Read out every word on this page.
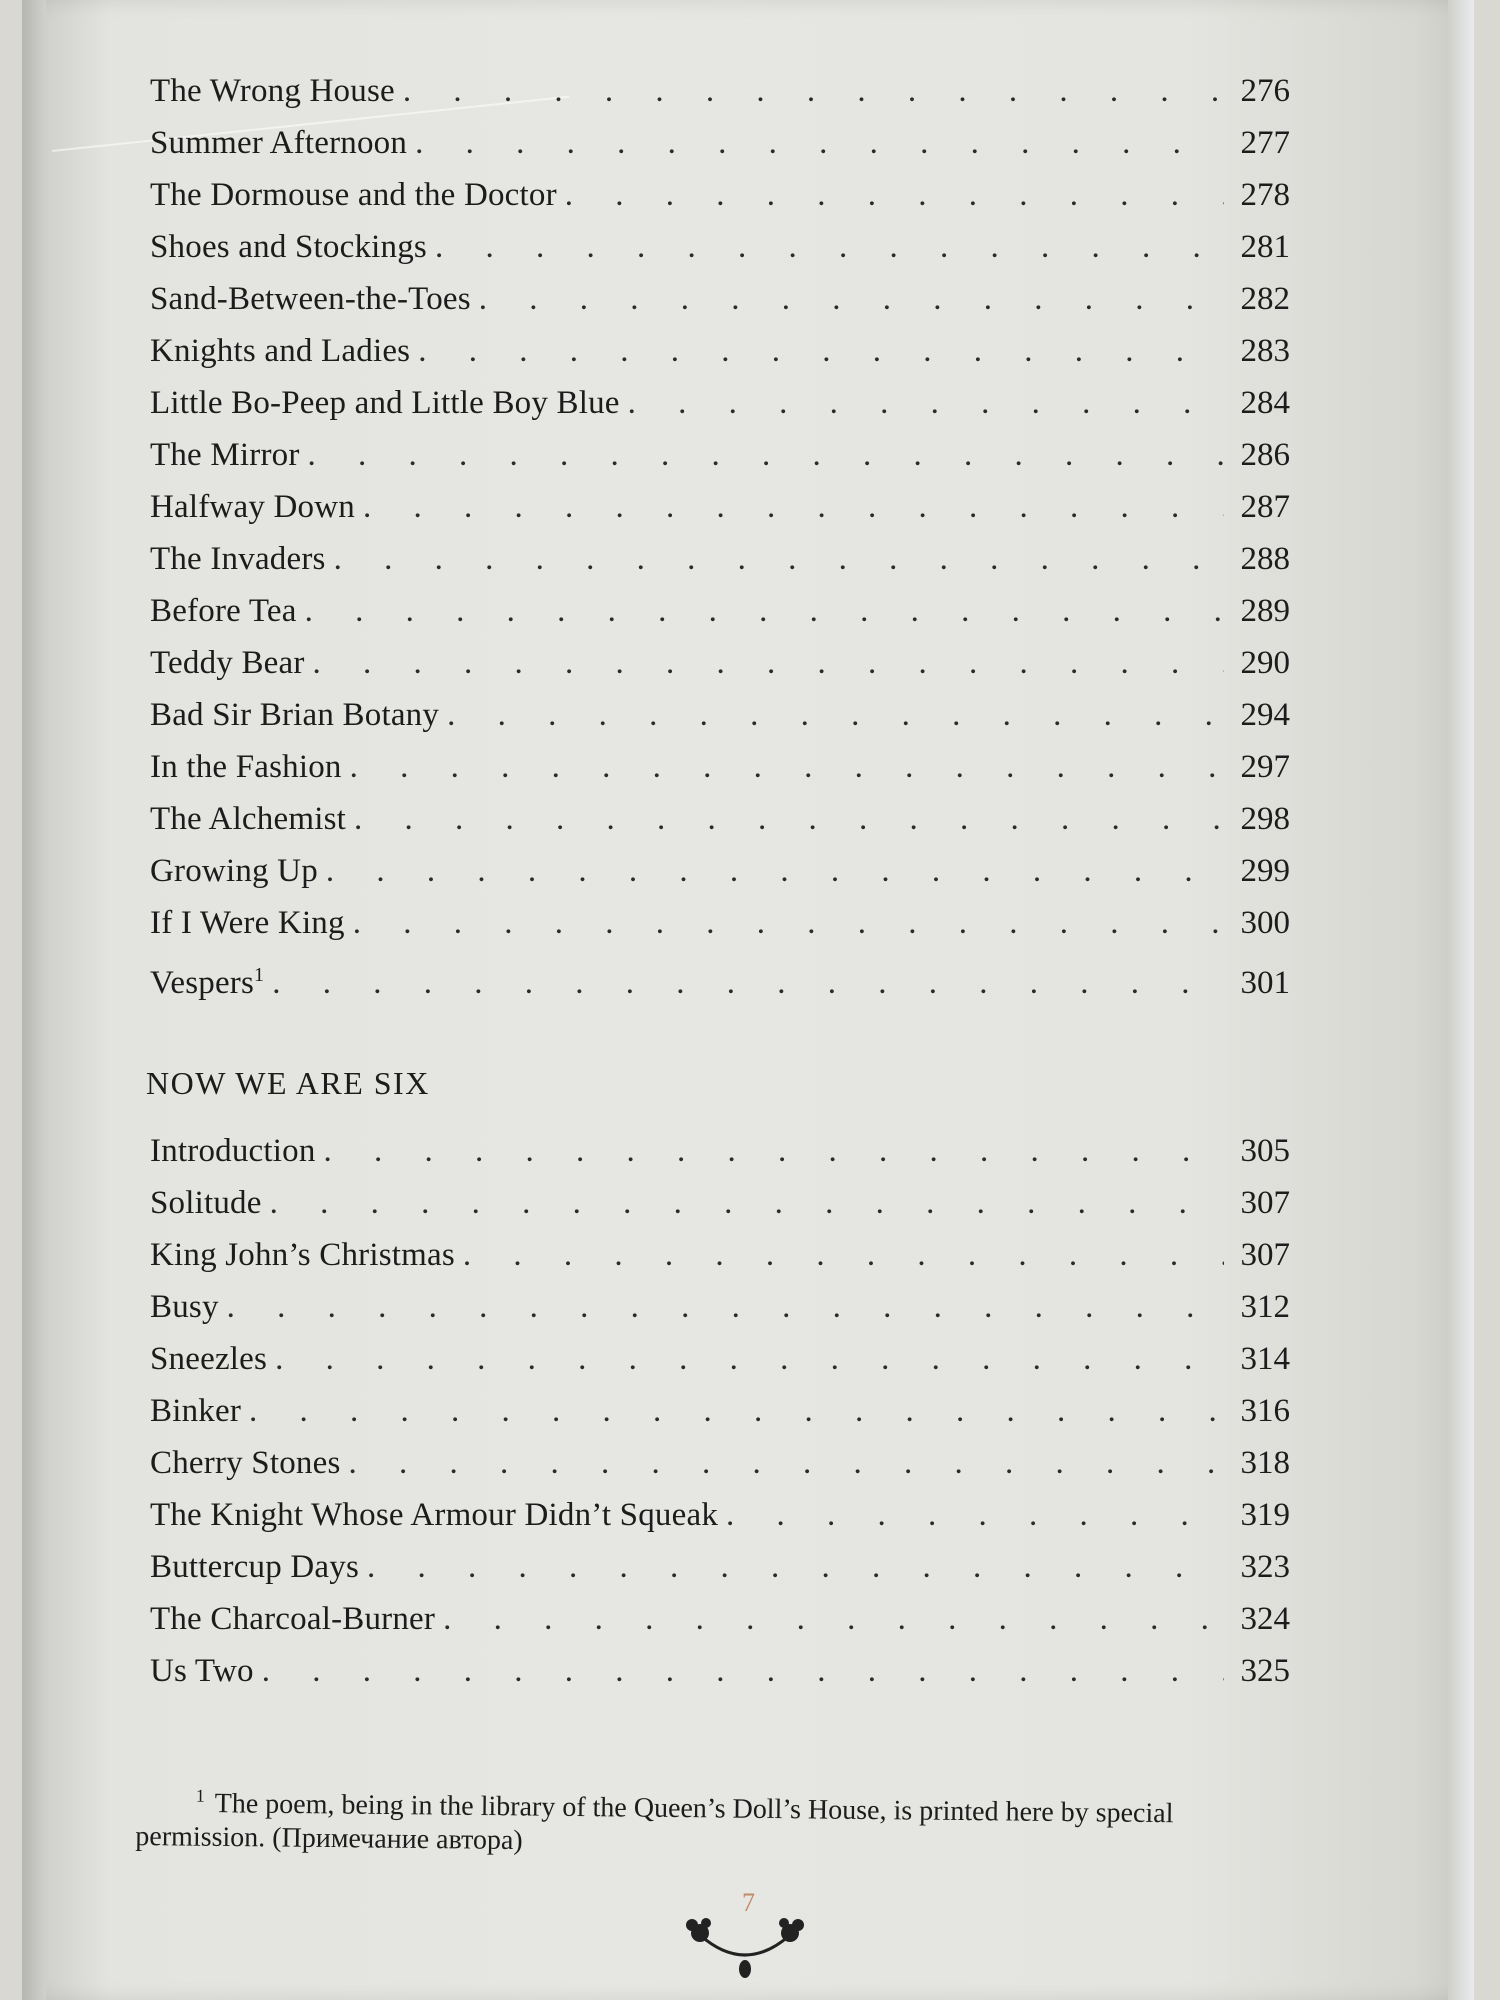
The Wrong House . . .	276
Summer Afternoon . . .	277
The Dormouse and the Doctor . . .	278
Shoes and Stockings . . .	281
Sand-Between-the-Toes . . .	282
Knights and Ladies . . .	283
Little Bo-Peep and Little Boy Blue . . .	284
The Mirror . . .	286
Halfway Down . . .	287
The Invaders . . .	288
Before Tea . . .	289
Teddy Bear . . .	290
Bad Sir Brian Botany . . .	294
In the Fashion . . .	297
The Alchemist . . .	298
Growing Up . . .	299
If I Were King . . .	300
Vespers$^1$ . . .	301
NOW WE ARE SIX
Introduction . . .	305
Solitude . . .	307
King John’s Christmas . . .	307
Busy . . .	312
Sneezles . . .	314
Binker . . .	316
Cherry Stones . . .	318
The Knight Whose Armour Didn’t Squeak . . .	319
Buttercup Days . . .	323
The Charcoal-Burner . . .	324
Us Two . . .	325
$^1$ The poem, being in the library of the Queen’s Doll’s House, is printed here by special permission. (Примечание автора)
7
